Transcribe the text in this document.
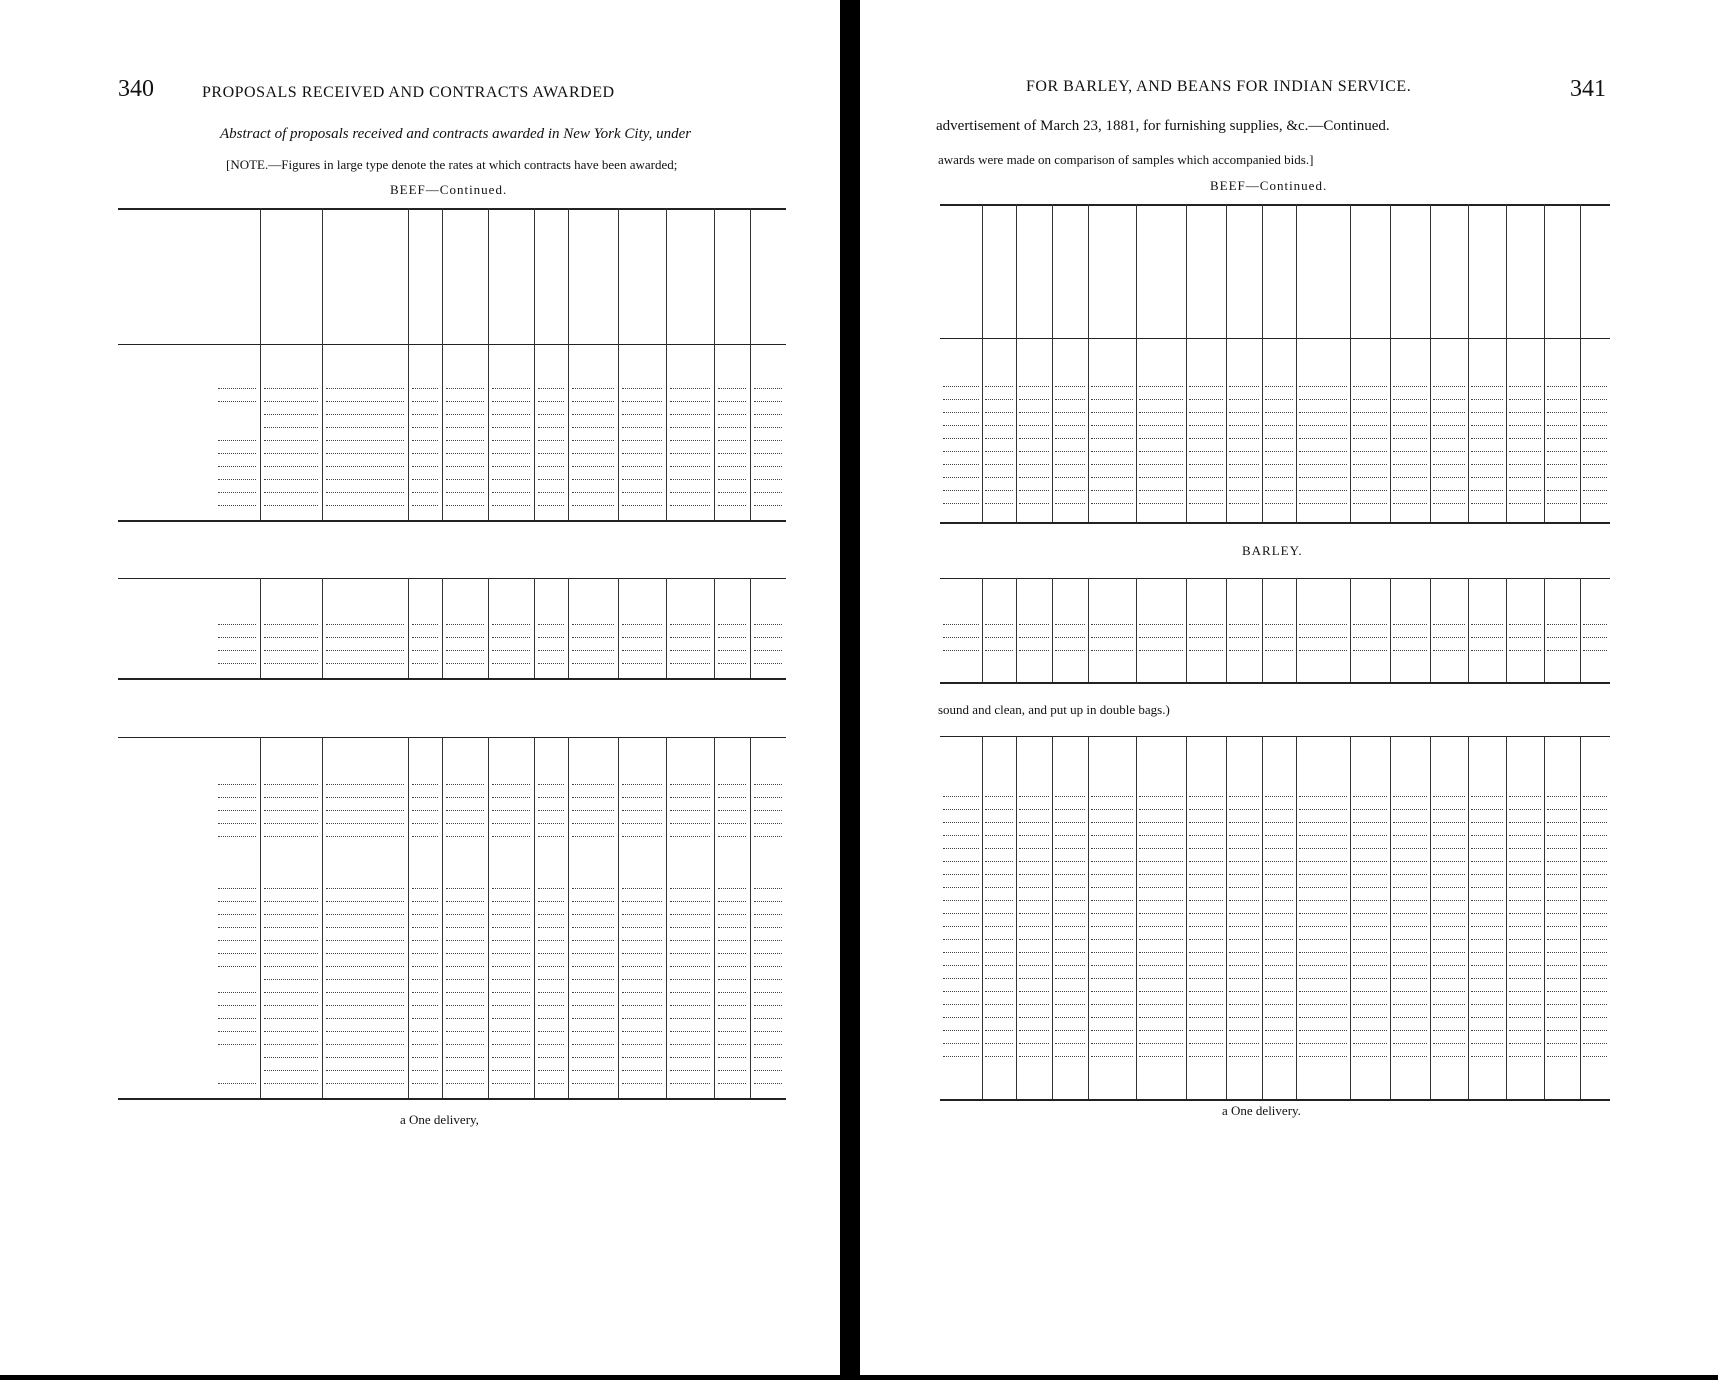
340	PROPOSALS RECEIVED AND CONTRACTS AWARDED
Abstract of proposals received and contracts awarded in New York City, under
[NOTE.—Figures in large type denote the rates at which contracts have been awarded;
BEEF—Continued.
a One delivery,
FOR BARLEY, AND BEANS FOR INDIAN SERVICE.	341
advertisement of March 23, 1881, for furnishing supplies, &c.—Continued.
awards were made on comparison of samples which accompanied bids.]
BEEF—Continued.
BARLEY.
sound and clean, and put up in double bags.)
a One delivery.
